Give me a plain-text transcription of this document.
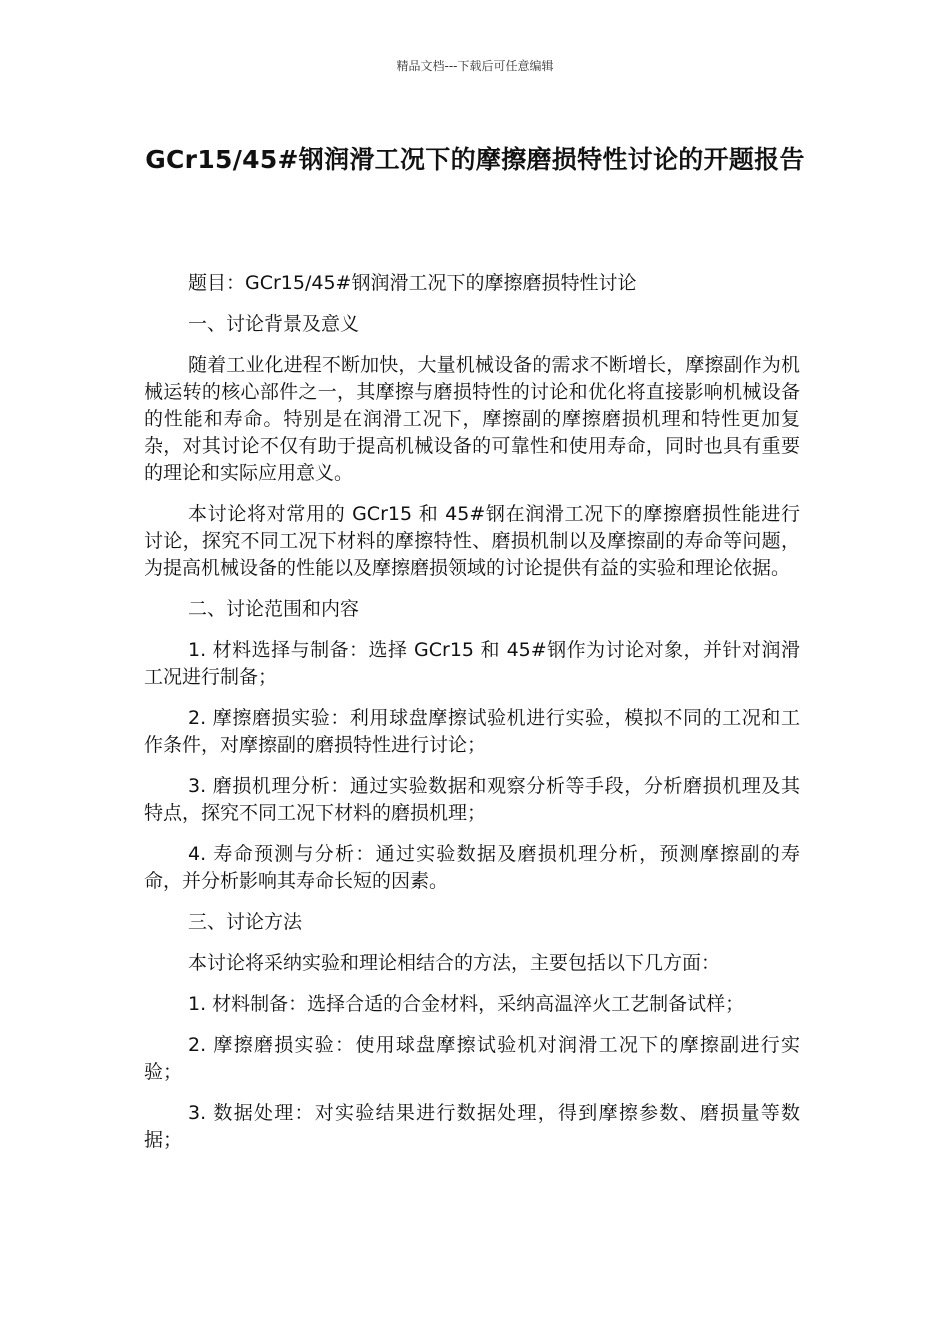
精品文档---下载后可任意编辑
GCr15/45#钢润滑工况下的摩擦磨损特性讨论的开题报告

题目：GCr15/45#钢润滑工况下的摩擦磨损特性讨论

一、讨论背景及意义

随着工业化进程不断加快，大量机械设备的需求不断增长，摩擦副作为机械运转的核心部件之一，其摩擦与磨损特性的讨论和优化将直接影响机械设备的性能和寿命。特别是在润滑工况下，摩擦副的摩擦磨损机理和特性更加复杂，对其讨论不仅有助于提高机械设备的可靠性和使用寿命，同时也具有重要的理论和实际应用意义。

本讨论将对常用的 GCr15 和 45#钢在润滑工况下的摩擦磨损性能进行讨论，探究不同工况下材料的摩擦特性、磨损机制以及摩擦副的寿命等问题，为提高机械设备的性能以及摩擦磨损领域的讨论提供有益的实验和理论依据。

二、讨论范围和内容

1. 材料选择与制备：选择 GCr15 和 45#钢作为讨论对象，并针对润滑工况进行制备；

2. 摩擦磨损实验：利用球盘摩擦试验机进行实验，模拟不同的工况和工作条件，对摩擦副的磨损特性进行讨论；

3. 磨损机理分析：通过实验数据和观察分析等手段，分析磨损机理及其特点，探究不同工况下材料的磨损机理；

4. 寿命预测与分析：通过实验数据及磨损机理分析，预测摩擦副的寿命，并分析影响其寿命长短的因素。

三、讨论方法

本讨论将采纳实验和理论相结合的方法，主要包括以下几方面：

1. 材料制备：选择合适的合金材料，采纳高温淬火工艺制备试样；

2. 摩擦磨损实验：使用球盘摩擦试验机对润滑工况下的摩擦副进行实验；

3. 数据处理：对实验结果进行数据处理，得到摩擦参数、磨损量等数据；
